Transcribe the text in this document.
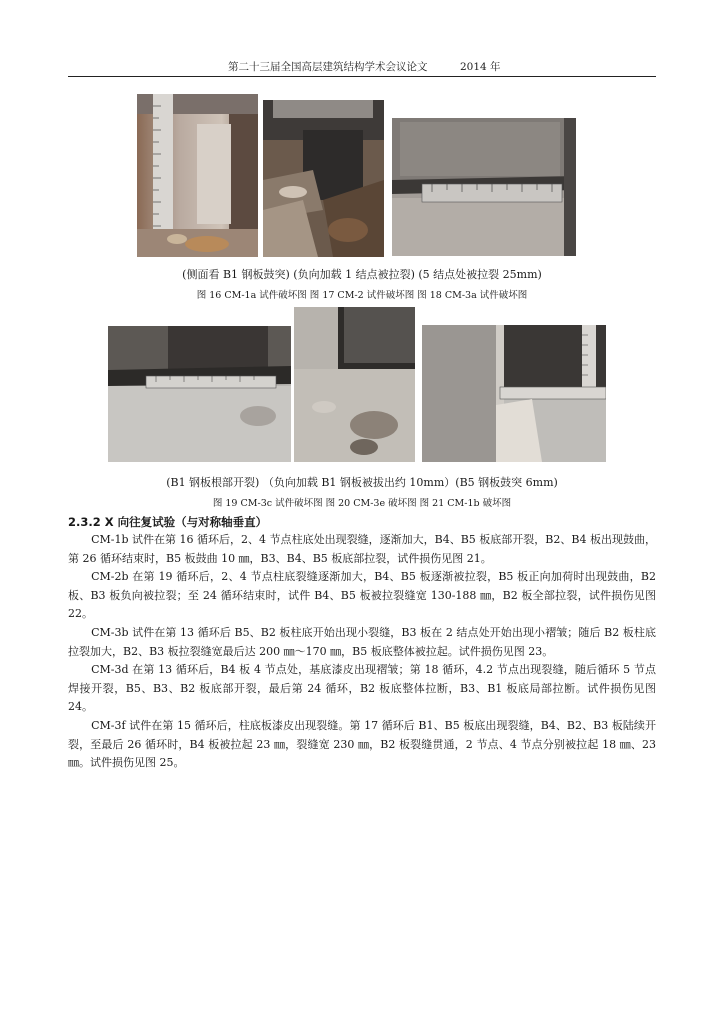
第二十三届全国高层建筑结构学术会议论文	2014 年
(侧面看 B1 钢板鼓突) (负向加载 1 结点被拉裂) (5 结点处被拉裂 25mm)
图 16 CM-1a 试件破坏图 图 17 CM-2 试件破坏图 图 18 CM-3a 试件破坏图
(B1 钢板根部开裂) （负向加载 B1 钢板被拔出约 10mm）(B5 钢板鼓突 6mm)
图 19 CM-3c 试件破坏图 图 20 CM-3e 破坏图 图 21 CM-1b 破坏图
2.3.2 X 向往复试验（与对称轴垂直）

CM-1b 试件在第 16 循环后，2、4 节点柱底处出现裂缝，逐渐加大，B4、B5 板底部开裂，B2、B4 板出现鼓曲，第 26 循环结束时，B5 板鼓曲 10 ㎜，B3、B4、B5 板底部拉裂，试件损伤见图 21。

CM-2b 在第 19 循环后，2、4 节点柱底裂缝逐渐加大，B4、B5 板逐渐被拉裂，B5 板正向加荷时出现鼓曲，B2 板、B3 板负向被拉裂；至 24 循环结束时，试件 B4、B5 板被拉裂缝宽 130-188 ㎜，B2 板全部拉裂，试件损伤见图 22。

CM-3b 试件在第 13 循环后 B5、B2 板柱底开始出现小裂缝，B3 板在 2 结点处开始出现小褶皱；随后 B2 板柱底拉裂加大，B2、B3 板拉裂缝宽最后达 200 ㎜～170 ㎜，B5 板底整体被拉起。试件损伤见图 23。

CM-3d 在第 13 循环后，B4 板 4 节点处，基底漆皮出现褶皱；第 18 循环，4.2 节点出现裂缝，随后循环 5 节点焊接开裂，B5、B3、B2 板底部开裂，最后第 24 循环，B2 板底整体拉断，B3、B1 板底局部拉断。试件损伤见图 24。

CM-3f 试件在第 15 循环后，柱底板漆皮出现裂缝。第 17 循环后 B1、B5 板底出现裂缝，B4、B2、B3 板陆续开裂，至最后 26 循环时，B4 板被拉起 23 ㎜，裂缝宽 230 ㎜，B2 板裂缝贯通，2 节点、4 节点分别被拉起 18 ㎜、23 ㎜。试件损伤见图 25。
